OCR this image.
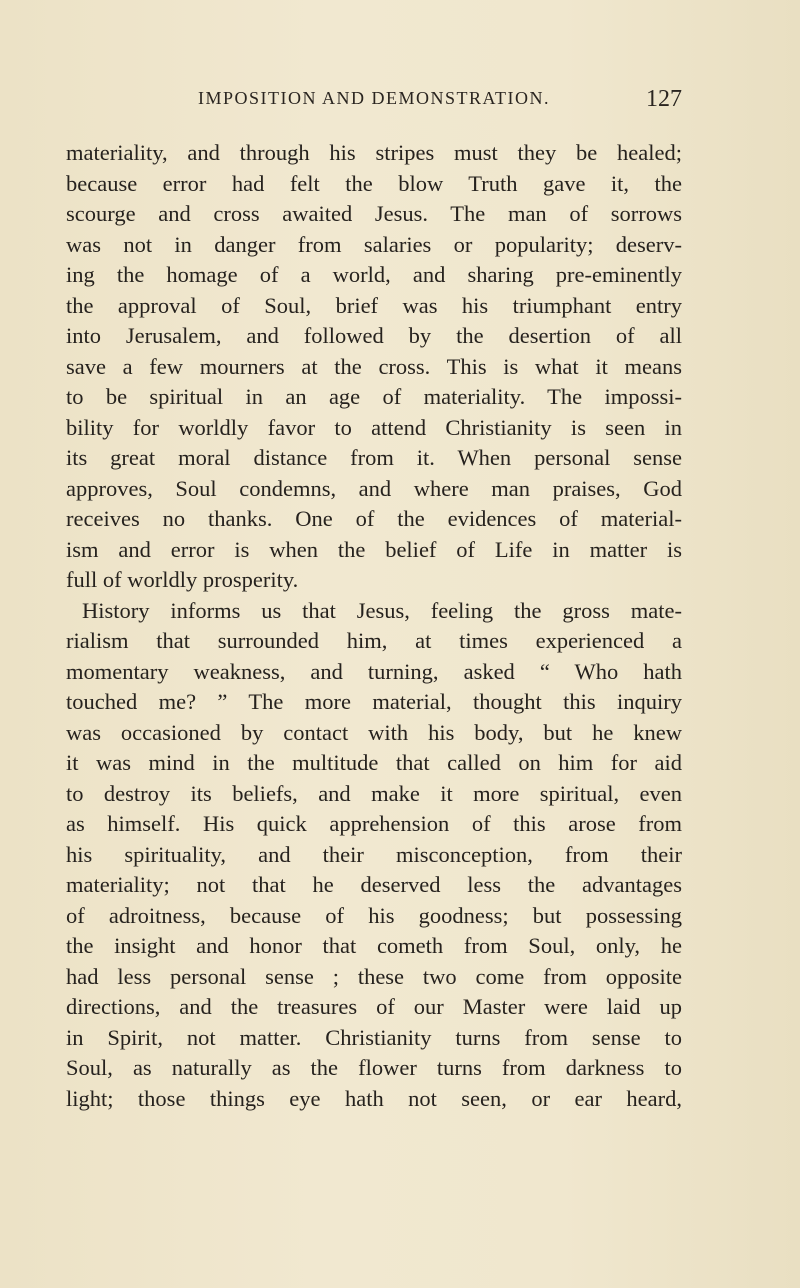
IMPOSITION AND DEMONSTRATION.	127
materiality, and through his stripes must they be healed;
because error had felt the blow Truth gave it, the
scourge and cross awaited Jesus. The man of sorrows
was not in danger from salaries or popularity; deserv-
ing the homage of a world, and sharing pre-eminently
the approval of Soul, brief was his triumphant entry
into Jerusalem, and followed by the desertion of all
save a few mourners at the cross. This is what it means
to be spiritual in an age of materiality. The impossi-
bility for worldly favor to attend Christianity is seen in
its great moral distance from it. When personal sense
approves, Soul condemns, and where man praises, God
receives no thanks. One of the evidences of material-
ism and error is when the belief of Life in matter is
full of worldly prosperity.
History informs us that Jesus, feeling the gross mate-
rialism that surrounded him, at times experienced a
momentary weakness, and turning, asked “ Who hath
touched me? ” The more material, thought this inquiry
was occasioned by contact with his body, but he knew
it was mind in the multitude that called on him for aid
to destroy its beliefs, and make it more spiritual, even
as himself. His quick apprehension of this arose from
his spirituality, and their misconception, from their
materiality; not that he deserved less the advantages
of adroitness, because of his goodness; but possessing
the insight and honor that cometh from Soul, only, he
had less personal sense ; these two come from opposite
directions, and the treasures of our Master were laid up
in Spirit, not matter. Christianity turns from sense to
Soul, as naturally as the flower turns from darkness to
light; those things eye hath not seen, or ear heard,
